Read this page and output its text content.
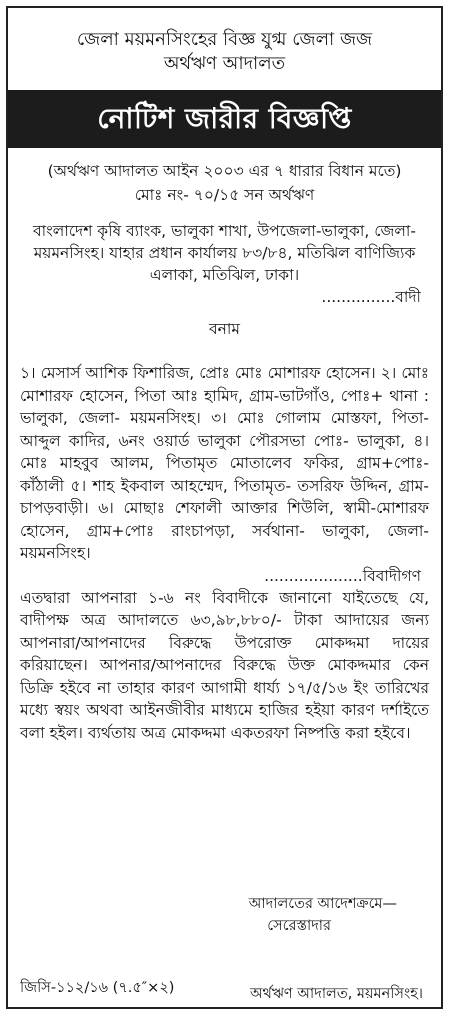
জেলা ময়মনসিংহের বিজ্ঞ যুগ্ম জেলা জজ

অর্থঋণ আদালত

নোটিশ জারীর বিজ্ঞপ্তি

(অর্থঋণ আদালত আইন ২০০৩ এর ৭ ধারার বিধান মতে)

মোঃ নং- ৭০/১৫ সন অর্থঋণ

বাংলাদেশ কৃষি ব্যাংক, ভালুকা শাখা, উপজেলা-ভালুকা, জেলা-ময়মনসিংহ। যাহার প্রধান কার্যালয় ৮৩/৮৪, মতিঝিল বাণিজ্যিক এলাকা, মতিঝিল, ঢাকা।

...............বাদী

বনাম

১। মেসার্স আশিক ফিশারিজ, প্রোঃ মোঃ মোশারফ হোসেন। ২। মোঃ মোশারফ হোসেন, পিতা আঃ হামিদ, গ্রাম-ভাটগাঁও, পোঃ+ থানা : ভালুকা, জেলা- ময়মনসিংহ। ৩। মোঃ গোলাম মোস্তফা, পিতা- আব্দুল কাদির, ৬নং ওয়ার্ড ভালুকা পৌরসভা পোঃ- ভালুকা, ৪। মোঃ মাহবুব আলম, পিতামৃত মোতালেব ফকির, গ্রাম+পোঃ-কাঁঠালী ৫। শাহ ইকবাল আহম্মেদ, পিতামৃত- তসরিফ উদ্দিন, গ্রাম-চাপড়বাড়ী। ৬। মোছাঃ শেফালী আক্তার শিউলি, স্বামী-মোশারফ হোসেন, গ্রাম+পোঃ রাংচাপড়া, সর্বথানা- ভালুকা, জেলা-ময়মনসিংহ।

....................বিবাদীগণ

এতদ্বারা আপনারা ১-৬ নং বিবাদীকে জানানো যাইতেছে যে, বাদীপক্ষ অত্র আদালতে ৬৩,৯৮,৮৮০/- টাকা আদায়ের জন্য আপনারা/আপনাদের বিরুদ্ধে উপরোক্ত মোকদ্দমা দায়ের করিয়াছেন। আপনার/আপনাদের বিরুদ্ধে উক্ত মোকদ্দমার কেন ডিক্রি হইবে না তাহার কারণ আগামী ধার্য্য ১৭/৫/১৬ ইং তারিখের মধ্যে স্বয়ং অথবা আইনজীবীর মাধ্যমে হাজির হইয়া কারণ দর্শাইতে বলা হইল। ব্যর্থতায় অত্র মোকদ্দমা একতরফা নিষ্পত্তি করা হইবে।

আদালতের আদেশক্রমে—
সেরেস্তাদার
জিসি-১১২/১৬ (৭.৫″×২)	অর্থঋণ আদালত, ময়মনসিংহ।
